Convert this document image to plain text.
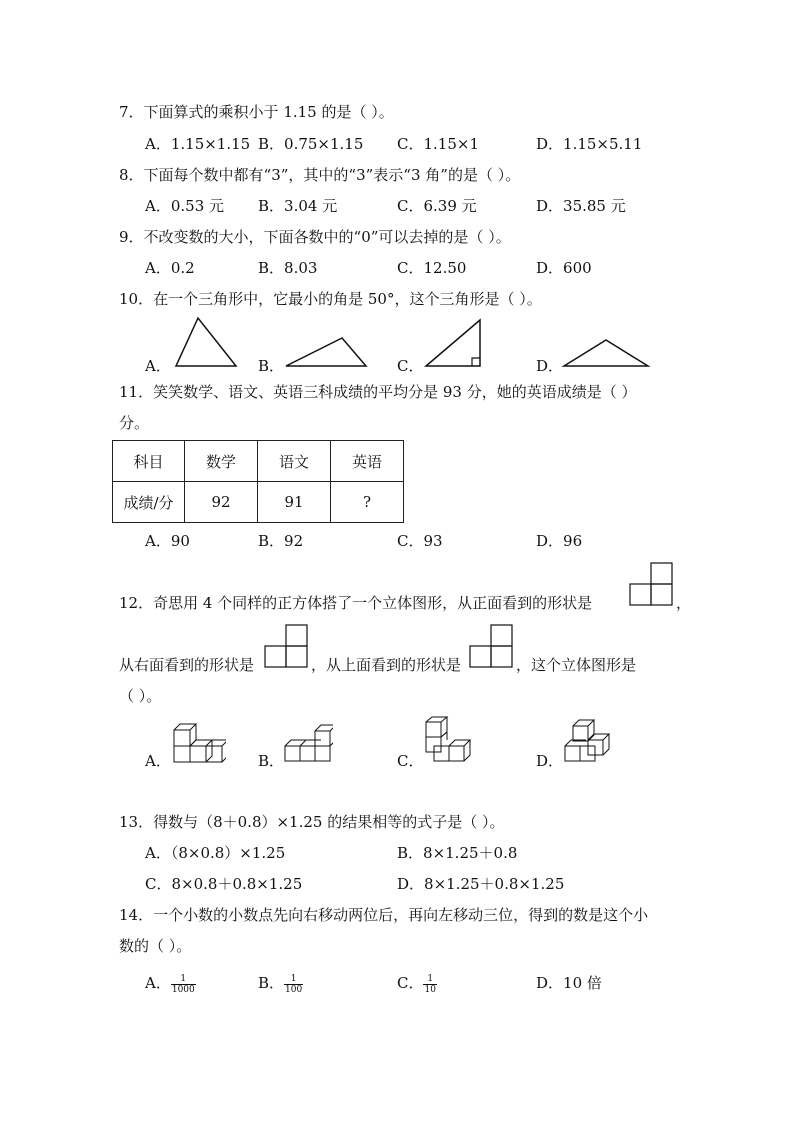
7．下面算式的乘积小于 1.15 的是（ ）。
A．1.15×1.15 B．0.75×1.15 C．1.15×1	D．1.15×5.11
8．下面每个数中都有“3”，其中的“3”表示“3 角”的是（ ）。
A．0.53 元 B．3.04 元	C．6.39 元	D．35.85 元
9．不改变数的大小，下面各数中的“0”可以去掉的是（ ）。
A．0.2	B．8.03	C．12.50	D．600
10．在一个三角形中，它最小的角是 50°，这个三角形是（ ）。
A．	B．	C．	D．
11．笑笑数学、语文、英语三科成绩的平均分是 93 分，她的英语成绩是（ ）
分。
科目	数学	语文	英语
成绩/分	92	91	?
A．90	B．92	C．93	D．96
12．奇思用 4 个同样的正方体搭了一个立体图形，从正面看到的形状是	，
从右面看到的形状是	，从上面看到的形状是	，这个立体图形是
（ ）。
A．	B．	C．	D．
13．得数与（8＋0.8）×1.25 的结果相等的式子是（ ）。
A．（8×0.8）×1.25	B．8×1.25＋0.8
C．8×0.8＋0.8×1.25	D．8×1.25＋0.8×1.25
14．一个小数的小数点先向右移动两位后，再向左移动三位，得到的数是这个小
数的（ ）。
A． $\frac{1}{1000}$	B． $\frac{1}{100}$	C． $\frac{1}{10}$	D．10 倍
